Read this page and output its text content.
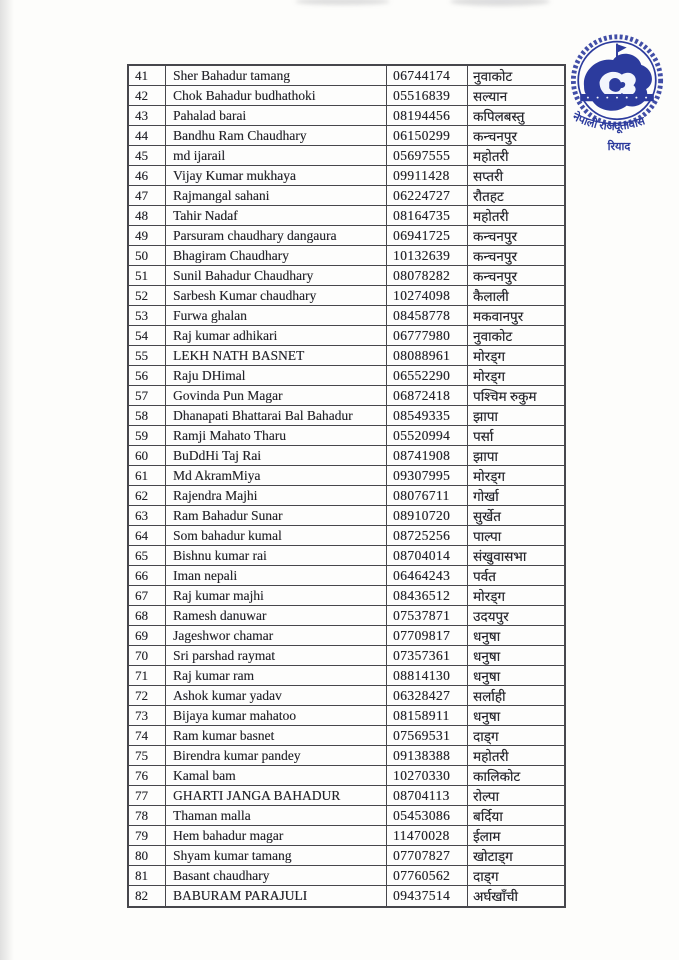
41	Sher Bahadur tamang	06744174	नुवाकोट
42	Chok Bahadur budhathoki	05516839	सल्यान
43	Pahalad barai	08194456	कपिलबस्तु
44	Bandhu Ram Chaudhary	06150299	कन्चनपुर
45	md ijarail	05697555	महोतरी
46	Vijay Kumar mukhaya	09911428	सप्तरी
47	Rajmangal sahani	06224727	रौतहट
48	Tahir Nadaf	08164735	महोतरी
49	Parsuram chaudhary dangaura	06941725	कन्चनपुर
50	Bhagiram Chaudhary	10132639	कन्चनपुर
51	Sunil Bahadur Chaudhary	08078282	कन्चनपुर
52	Sarbesh Kumar chaudhary	10274098	कैलाली
53	Furwa ghalan	08458778	मकवानपुर
54	Raj kumar adhikari	06777980	नुवाकोट
55	LEKH NATH BASNET	08088961	मोरड्ग
56	Raju DHimal	06552290	मोरड्ग
57	Govinda Pun Magar	06872418	पश्चिम रुकुम
58	Dhanapati Bhattarai Bal Bahadur	08549335	झापा
59	Ramji Mahato Tharu	05520994	पर्सा
60	BuDdHi Taj Rai	08741908	झापा
61	Md AkramMiya	09307995	मोरड्ग
62	Rajendra Majhi	08076711	गोर्खा
63	Ram Bahadur Sunar	08910720	सुर्खेत
64	Som bahadur kumal	08725256	पाल्पा
65	Bishnu kumar rai	08704014	संखुवासभा
66	Iman nepali	06464243	पर्वत
67	Raj kumar majhi	08436512	मोरड्ग
68	Ramesh danuwar	07537871	उदयपुर
69	Jageshwor chamar	07709817	धनुषा
70	Sri parshad raymat	07357361	धनुषा
71	Raj kumar ram	08814130	धनुषा
72	Ashok kumar yadav	06328427	सर्लाही
73	Bijaya kumar mahatoo	08158911	धनुषा
74	Ram kumar basnet	07569531	दाड्ग
75	Birendra kumar pandey	09138388	महोतरी
76	Kamal bam	10270330	कालिकोट
77	GHARTI JANGA BAHADUR	08704113	रोल्पा
78	Thaman malla	05453086	बर्दिया
79	Hem bahadur magar	11470028	ईलाम
80	Shyam kumar tamang	07707827	खोटाड्ग
81	Basant chaudhary	07760562	दाड्ग
82	BABURAM PARAJULI	09437514	अर्घखाँची
नेपाली राजदूतावास
रियाद
